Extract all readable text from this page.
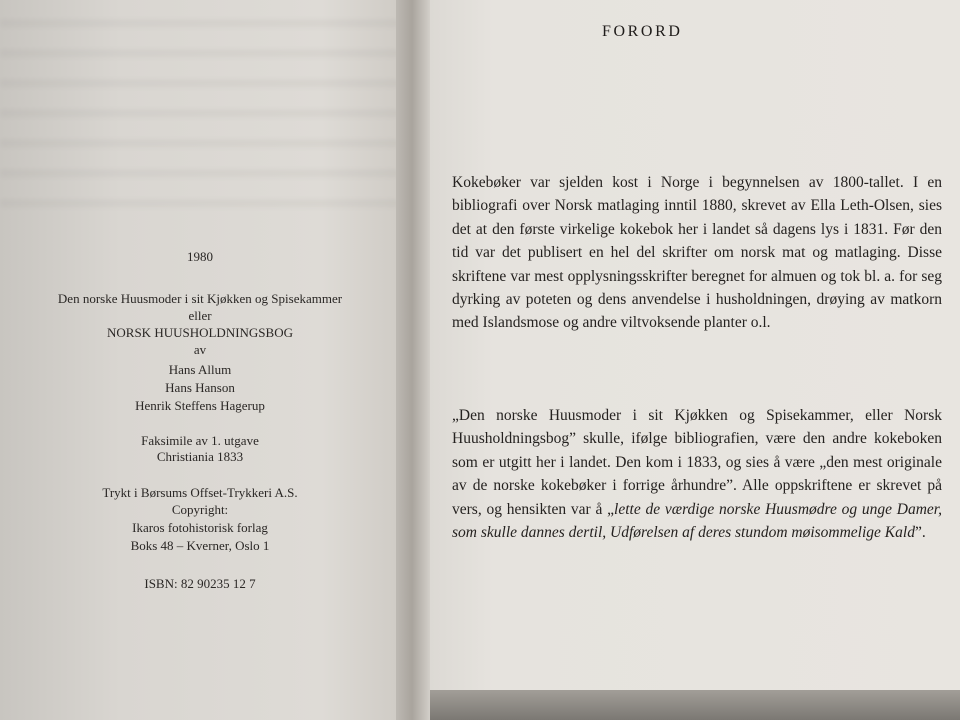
1980
Den norske Huusmoder i sit Kjøkken og Spisekammer
eller
NORSK HUUSHOLDNINGSBOG
av
Hans Allum
Hans Hanson
Henrik Steffens Hagerup
Faksimile av 1. utgave
Christiania 1833
Trykt i Børsums Offset-Trykkeri A.S.
Copyright:
Ikaros fotohistorisk forlag
Boks 48 – Kverner, Oslo 1
ISBN: 82 90235 12 7
FORORD
Kokebøker var sjelden kost i Norge i begynnelsen av 1800-tallet. I en bibliografi over Norsk matlaging inntil 1880, skrevet av Ella Leth-Olsen, sies det at den første virkelige kokebok her i landet så dagens lys i 1831. Før den tid var det publisert en hel del skrifter om norsk mat og matlaging. Disse skriftene var mest opplysningsskrifter beregnet for almuen og tok bl. a. for seg dyrking av poteten og dens anvendelse i husholdningen, drøying av matkorn med Islandsmose og andre viltvoksende planter o.l.
„Den norske Huusmoder i sit Kjøkken og Spisekammer, eller Norsk Huusholdningsbog” skulle, ifølge bibliografien, være den andre kokeboken som er utgitt her i landet. Den kom i 1833, og sies å være „den mest originale av de norske kokebøker i forrige århundre”. Alle oppskriftene er skrevet på vers, og hensikten var å „lette de værdige norske Huusmødre og unge Damer, som skulle dannes dertil, Udførelsen af deres stundom møisommelige Kald”.
